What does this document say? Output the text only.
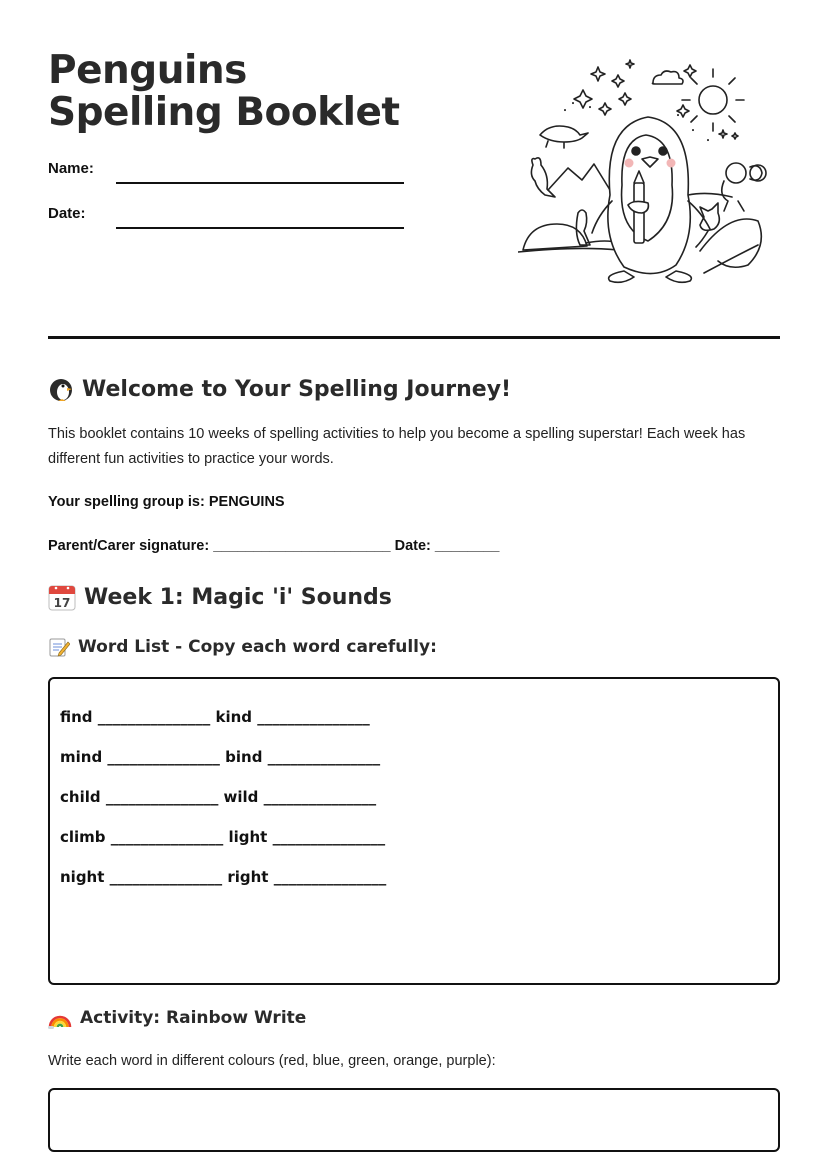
Penguins Spelling Booklet
Name:
Date:
Welcome to Your Spelling Journey!

This booklet contains 10 weeks of spelling activities to help you become a spelling superstar! Each week has different fun activities to practice your words.

Your spelling group is: PENGUINS

Parent/Carer signature: ______________________ Date: ________

17 Week 1: Magic 'i' Sounds
Word List - Copy each word carefully:
find _______________ kind _______________
mind _______________ bind _______________
child _______________ wild _______________
climb _______________ light _______________
night _______________ right _______________
Activity: Rainbow Write

Write each word in different colours (red, blue, green, orange, purple):
